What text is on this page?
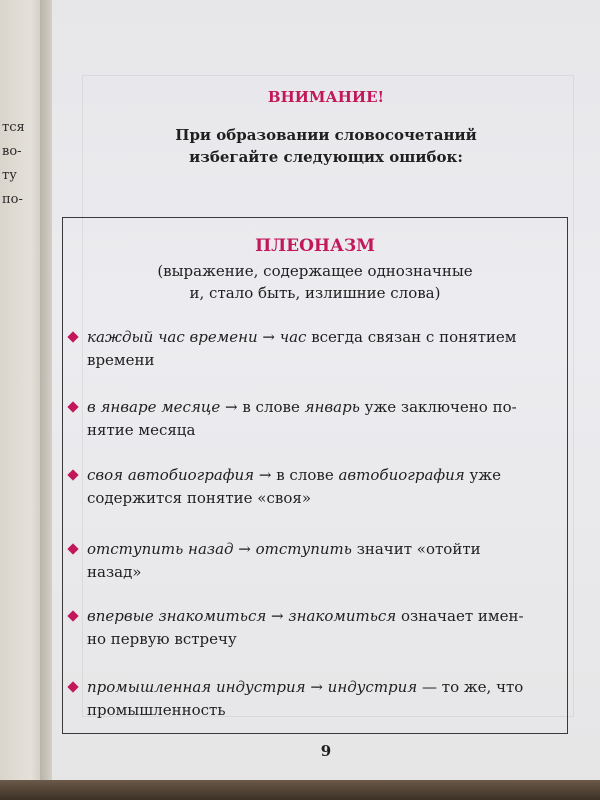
тся
во-
ту
по-
ВНИМАНИЕ!
При образовании словосочетаний
избегайте следующих ошибок:
ПЛЕОНАЗМ
(выражение, содержащее однозначные
и, стало быть, излишние слова)
каждый час времени → час всегда связан с понятием
времени
в январе месяце → в слове январь уже заключено по-
нятие месяца
своя автобиография → в слове автобиография уже
содержится понятие «своя»
отступить назад → отступить значит «отойти
назад»
впервые знакомиться → знакомиться означает имен-
но первую встречу
промышленная индустрия → индустрия — то же, что
промышленность
9
